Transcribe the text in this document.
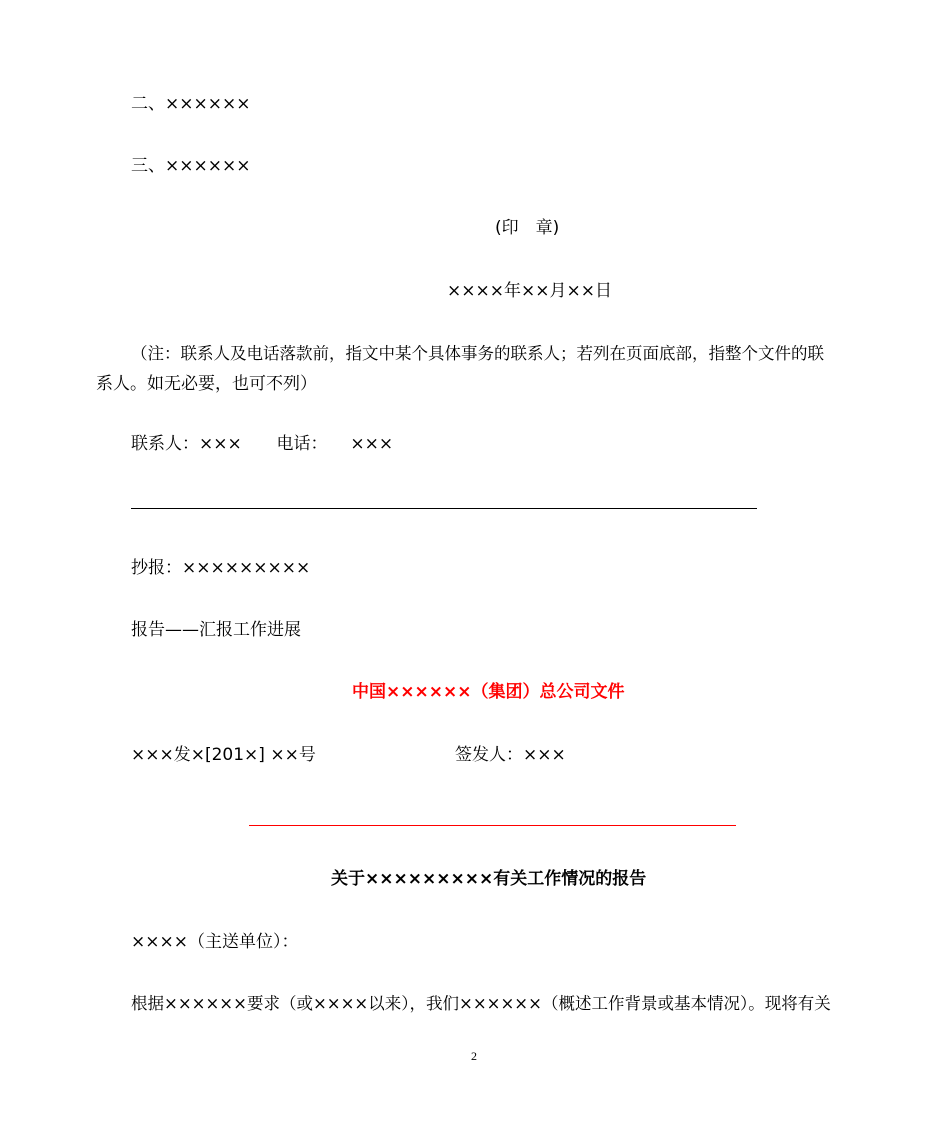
二、××××××
三、××××××
(印　章)
××××年××月××日
（注：联系人及电话落款前，指文中某个具体事务的联系人；若列在页面底部，指整个文件的联
系人。如无必要，也可不列）
联系人：××× 电话： ×××
抄报：×××××××××
报告——汇报工作进展
中国××××××（集团）总公司文件
×××发×[201×] ××号	签发人：×××
关于×××××××××有关工作情况的报告
××××（主送单位）：
根据××××××要求（或××××以来），我们××××××（概述工作背景或基本情况）。现将有关
2
